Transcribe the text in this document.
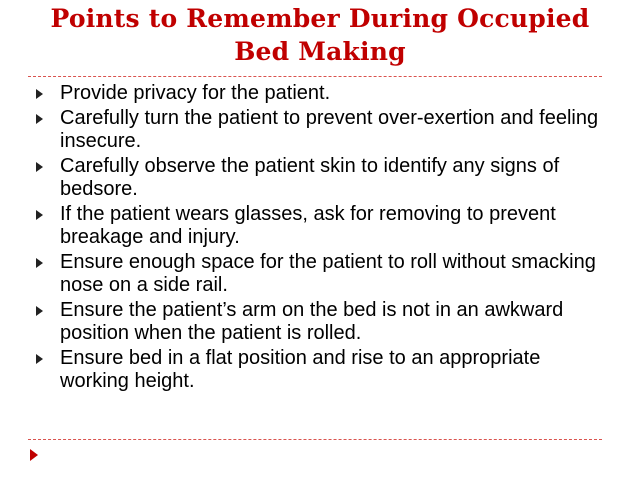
Points to Remember During Occupied
Bed Making
Provide privacy for the patient.
Carefully turn the patient to prevent over-exertion and feeling insecure.
Carefully observe the patient skin to identify any signs of bedsore.
If the patient wears glasses, ask for removing to prevent breakage and injury.
Ensure enough space for the patient to roll without smacking nose on a side rail.
Ensure the patient’s arm on the bed is not in an awkward position when the patient is rolled.
Ensure bed in a flat position and rise to an appropriate working height.
